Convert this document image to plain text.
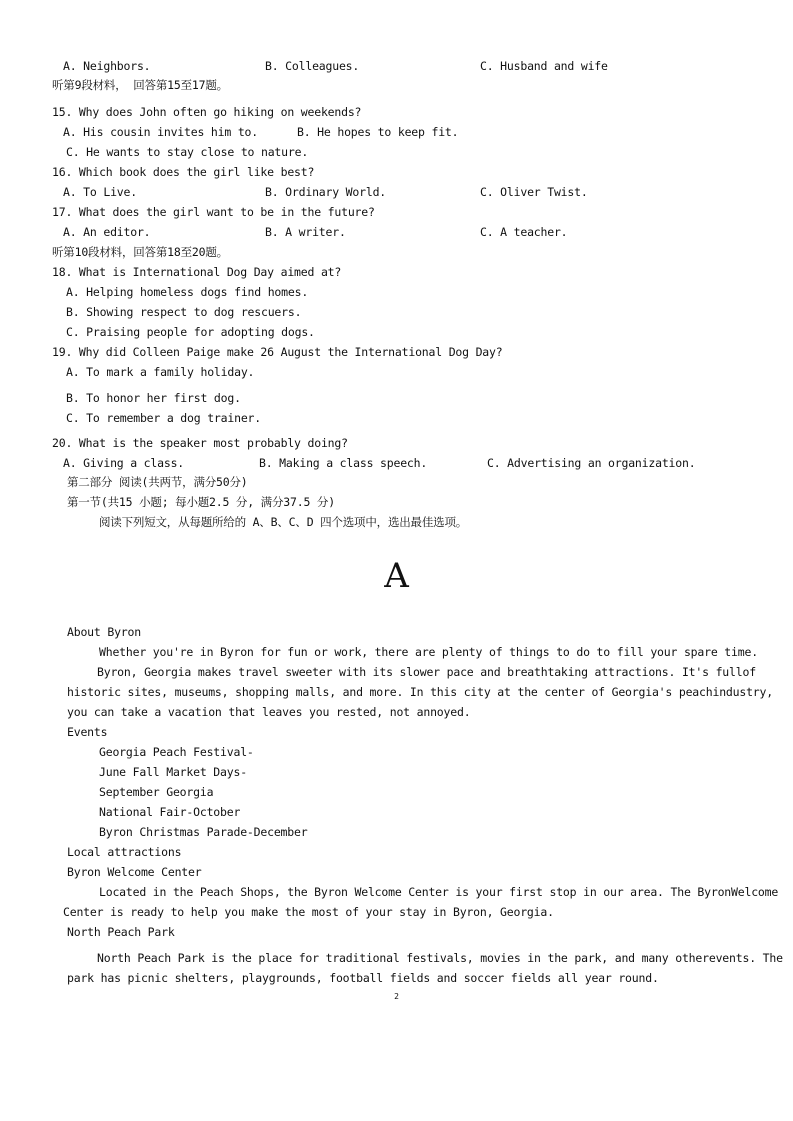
A. Neighbors.	B. Colleagues.	C. Husband and wife
听第9段材料， 回答第15至17题。
15. Why does John often go hiking on weekends?
A. His cousin invites him to.	B. He hopes to keep fit.
C. He wants to stay close to nature.
16. Which book does the girl like best?
A. To Live.	B. Ordinary World.	C. Oliver Twist.
17. What does the girl want to be in the future?
A. An editor.	B. A writer.	C. A teacher.
听第10段材料，回答第18至20题。
18. What is International Dog Day aimed at?
A. Helping homeless dogs find homes.
B. Showing respect to dog rescuers.
C. Praising people for adopting dogs.
19. Why did Colleen Paige make 26 August the International Dog Day?
A. To mark a family holiday.
B. To honor her first dog.
C. To remember a dog trainer.
20. What is the speaker most probably doing?
A. Giving a class.	B. Making a class speech.	C. Advertising an organization.
第二部分 阅读(共两节，满分50分)
第一节(共15 小题; 每小题2.5 分, 满分37.5 分)
阅读下列短文，从每题所给的 A、B、C、D 四个选项中，选出最佳选项。
A
About Byron
Whether you're in Byron for fun or work, there are plenty of things to do to fill your spare time.
Byron, Georgia makes travel sweeter with its slower pace and breathtaking attractions. It's fullof
historic sites, museums, shopping malls, and more. In this city at the center of Georgia's peachindustry,
you can take a vacation that leaves you rested, not annoyed.
Events
Georgia Peach Festival-
June Fall Market Days-
September Georgia
National Fair-October
Byron Christmas Parade-December
Local attractions
Byron Welcome Center
Located in the Peach Shops, the Byron Welcome Center is your first stop in our area. The ByronWelcome
Center is ready to help you make the most of your stay in Byron, Georgia.
North Peach Park
North Peach Park is the place for traditional festivals, movies in the park, and many otherevents. The
park has picnic shelters, playgrounds, football fields and soccer fields all year round.
2
